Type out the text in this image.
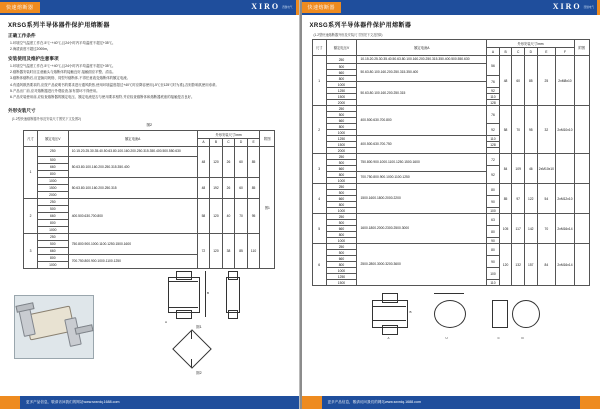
快速熔断器	XIRO 西继电气
XRSG系列半导体器件保护用熔断器
正确工作条件
1.环境空气温度工作在-5℃~+40℃,且24小时内平均温度不超过+35℃。
2.海拔高度不超过2000m。
安装使用及维护注意事项
1.环境空气温度工作在-5℃~+40℃,且24小时内平均温度不超过+35℃。
2.熔断器安装时应注意触头与熔断体的接触良好,接触面应平整、清洁。
3.熔断体熔断后,应更换同规格、同型号熔断体,不得任意改变熔断体的额定电流。
4.有通风散热要求的,应按产品说明书的要求进行通风散热,使用环境温度超过+40℃时应降容使用(-5℃至125℃时为准),否则影响其使用寿命。
5.产品出厂前,应对熔断器进行外观检查,如有损坏不得使用。
6.产品安装使用前,应检查熔断器的额定电压、额定电流是否与使用要求相符,并应检查熔断体和熔断器底座的接触是否良好。
外形安装尺寸
(1.2型快速熔断器外形及安装尺寸图见下文及图2)
图2
尺寸	额定电压V	额定电流A	外形安装尺寸/mm					附图
			A	B	C	D	E	
1	250	10.15.20.25.30.35.40.50.63.80.100.160.200.250.315.350.400.500.550.630	48	120	26	60	85	图1
	500	50.63.80.100.160.200.250.315.350.400						
	660							
	800							
	1000	50.63.80.100.160.200.250.315	48	192	26	60	85	
	1500							
	2000							
2	250	400.500.630.700.800	58	120	40	70	95	
	500							
	660							
	800							
	1000							
3	250	750.800.900.1000.1100.1250.1500.1600	72	120	38	85	110	
	500							
	660							
	800	700.750.800.900.1000.1100.1250						
	1000							
B
A
图1
图2
更多产品信息，敬请访问我们的网站www.sxxrdq.1688.com
快速熔断器	XIRO 西继电气
XRSG系列半导体器件保护用熔断器
(1.2型快速熔断器外形及安装尺寸图见下文及图2)
尺寸	额定电压V	额定电流A	外形安装尺寸/mm						附图
			A	B	C	D	E	F	
1	250	10.15.20.25.30.35.40.50.63.80.100.160.200.250.315.350.400.500.550.630	56	48	60	85	25	2xM8x10	
	500	50.63.80.100.160.200.250.315.350.400							
	660								
	800		76						
	1000	50.63.80.100.160.200.250.315							
	1250		92						
	1500		110						
	2000		128						
2	250	400.500.630.700.800	76	58	70	95	32	2xM10x10	
	500								
	660								
	800		92						
	1000								
	1250	400.500.630.700.750	110						
	1500		128						
	2000								
3	250	750.800.900.1000.1100.1250.1500.1600	72	84	109	46	2xM10x10		
	500								
	660		92						
	800	700.750.800.900.1000.1100.1250							
	1000								
4	250	1500.1600.1800.2000.2200	80	85	97	122	54	2xM12x10	
	500								
	660		90						
	800								
	1000		100						
5	250	1600.1800.2000.2300.2500.3000	63	105	117	142	70	2xM16x14	
	500								
	660		80						
	800								
	1000		90						
6	250	2500.2800.3000.3200.3600	80	120	132	157	84	2xM16x14	
	500								
	660		90						
	800								
	1000		100						
	1250								
	1500		110						
A
B
U	C	D
更多产品信息，敬请访问我们的网站www.sxxrdq.1688.com
